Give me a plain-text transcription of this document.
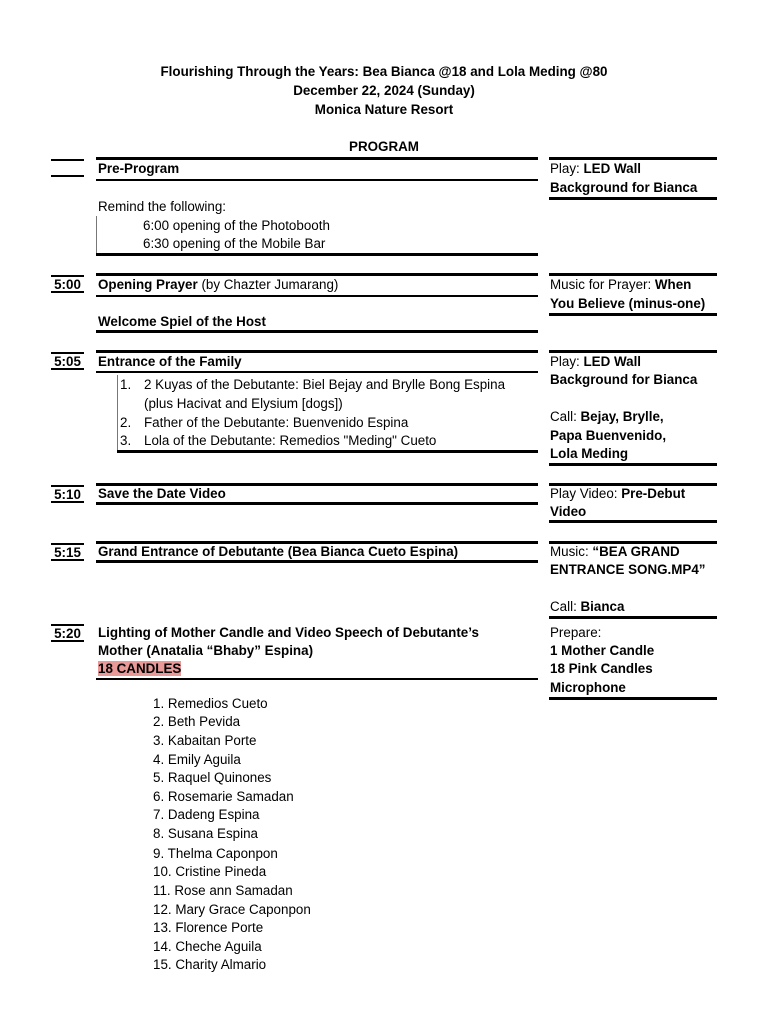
Flourishing Through the Years: Bea Bianca @18 and Lola Meding @80
December 22, 2024 (Sunday)
Monica Nature Resort
PROGRAM
Pre-Program
Remind the following:
6:00 opening of the Photobooth
6:30 opening of the Mobile Bar
Play: LED Wall
Background for Bianca
5:00 Opening Prayer (by Chazter Jumarang)
Welcome Spiel of the Host
Music for Prayer: When
You Believe (minus-one)
5:05 Entrance of the Family
1. 2 Kuyas of the Debutante: Biel Bejay and Brylle Bong Espina
(plus Hacivat and Elysium [dogs])
2. Father of the Debutante: Buenvenido Espina
3. Lola of the Debutante: Remedios "Meding" Cueto
Play: LED Wall
Background for Bianca
Call: Bejay, Brylle,
Papa Buenvenido,
Lola Meding
5:10 Save the Date Video	Play Video: Pre-Debut
Video
5:15 Grand Entrance of Debutante (Bea Bianca Cueto Espina)	Music: “BEA GRAND
ENTRANCE SONG.MP4”
Call: Bianca
5:20 Lighting of Mother Candle and Video Speech of Debutante’s
Mother (Anatalia “Bhaby” Espina)
18 CANDLES
Prepare:
1 Mother Candle
18 Pink Candles
Microphone
1. Remedios Cueto
2. Beth Pevida
3. Kabaitan Porte
4. Emily Aguila
5. Raquel Quinones
6. Rosemarie Samadan
7. Dadeng Espina
8. Susana Espina
9. Thelma Caponpon
10. Cristine Pineda
11. Rose ann Samadan
12. Mary Grace Caponpon
13. Florence Porte
14. Cheche Aguila
15. Charity Almario
